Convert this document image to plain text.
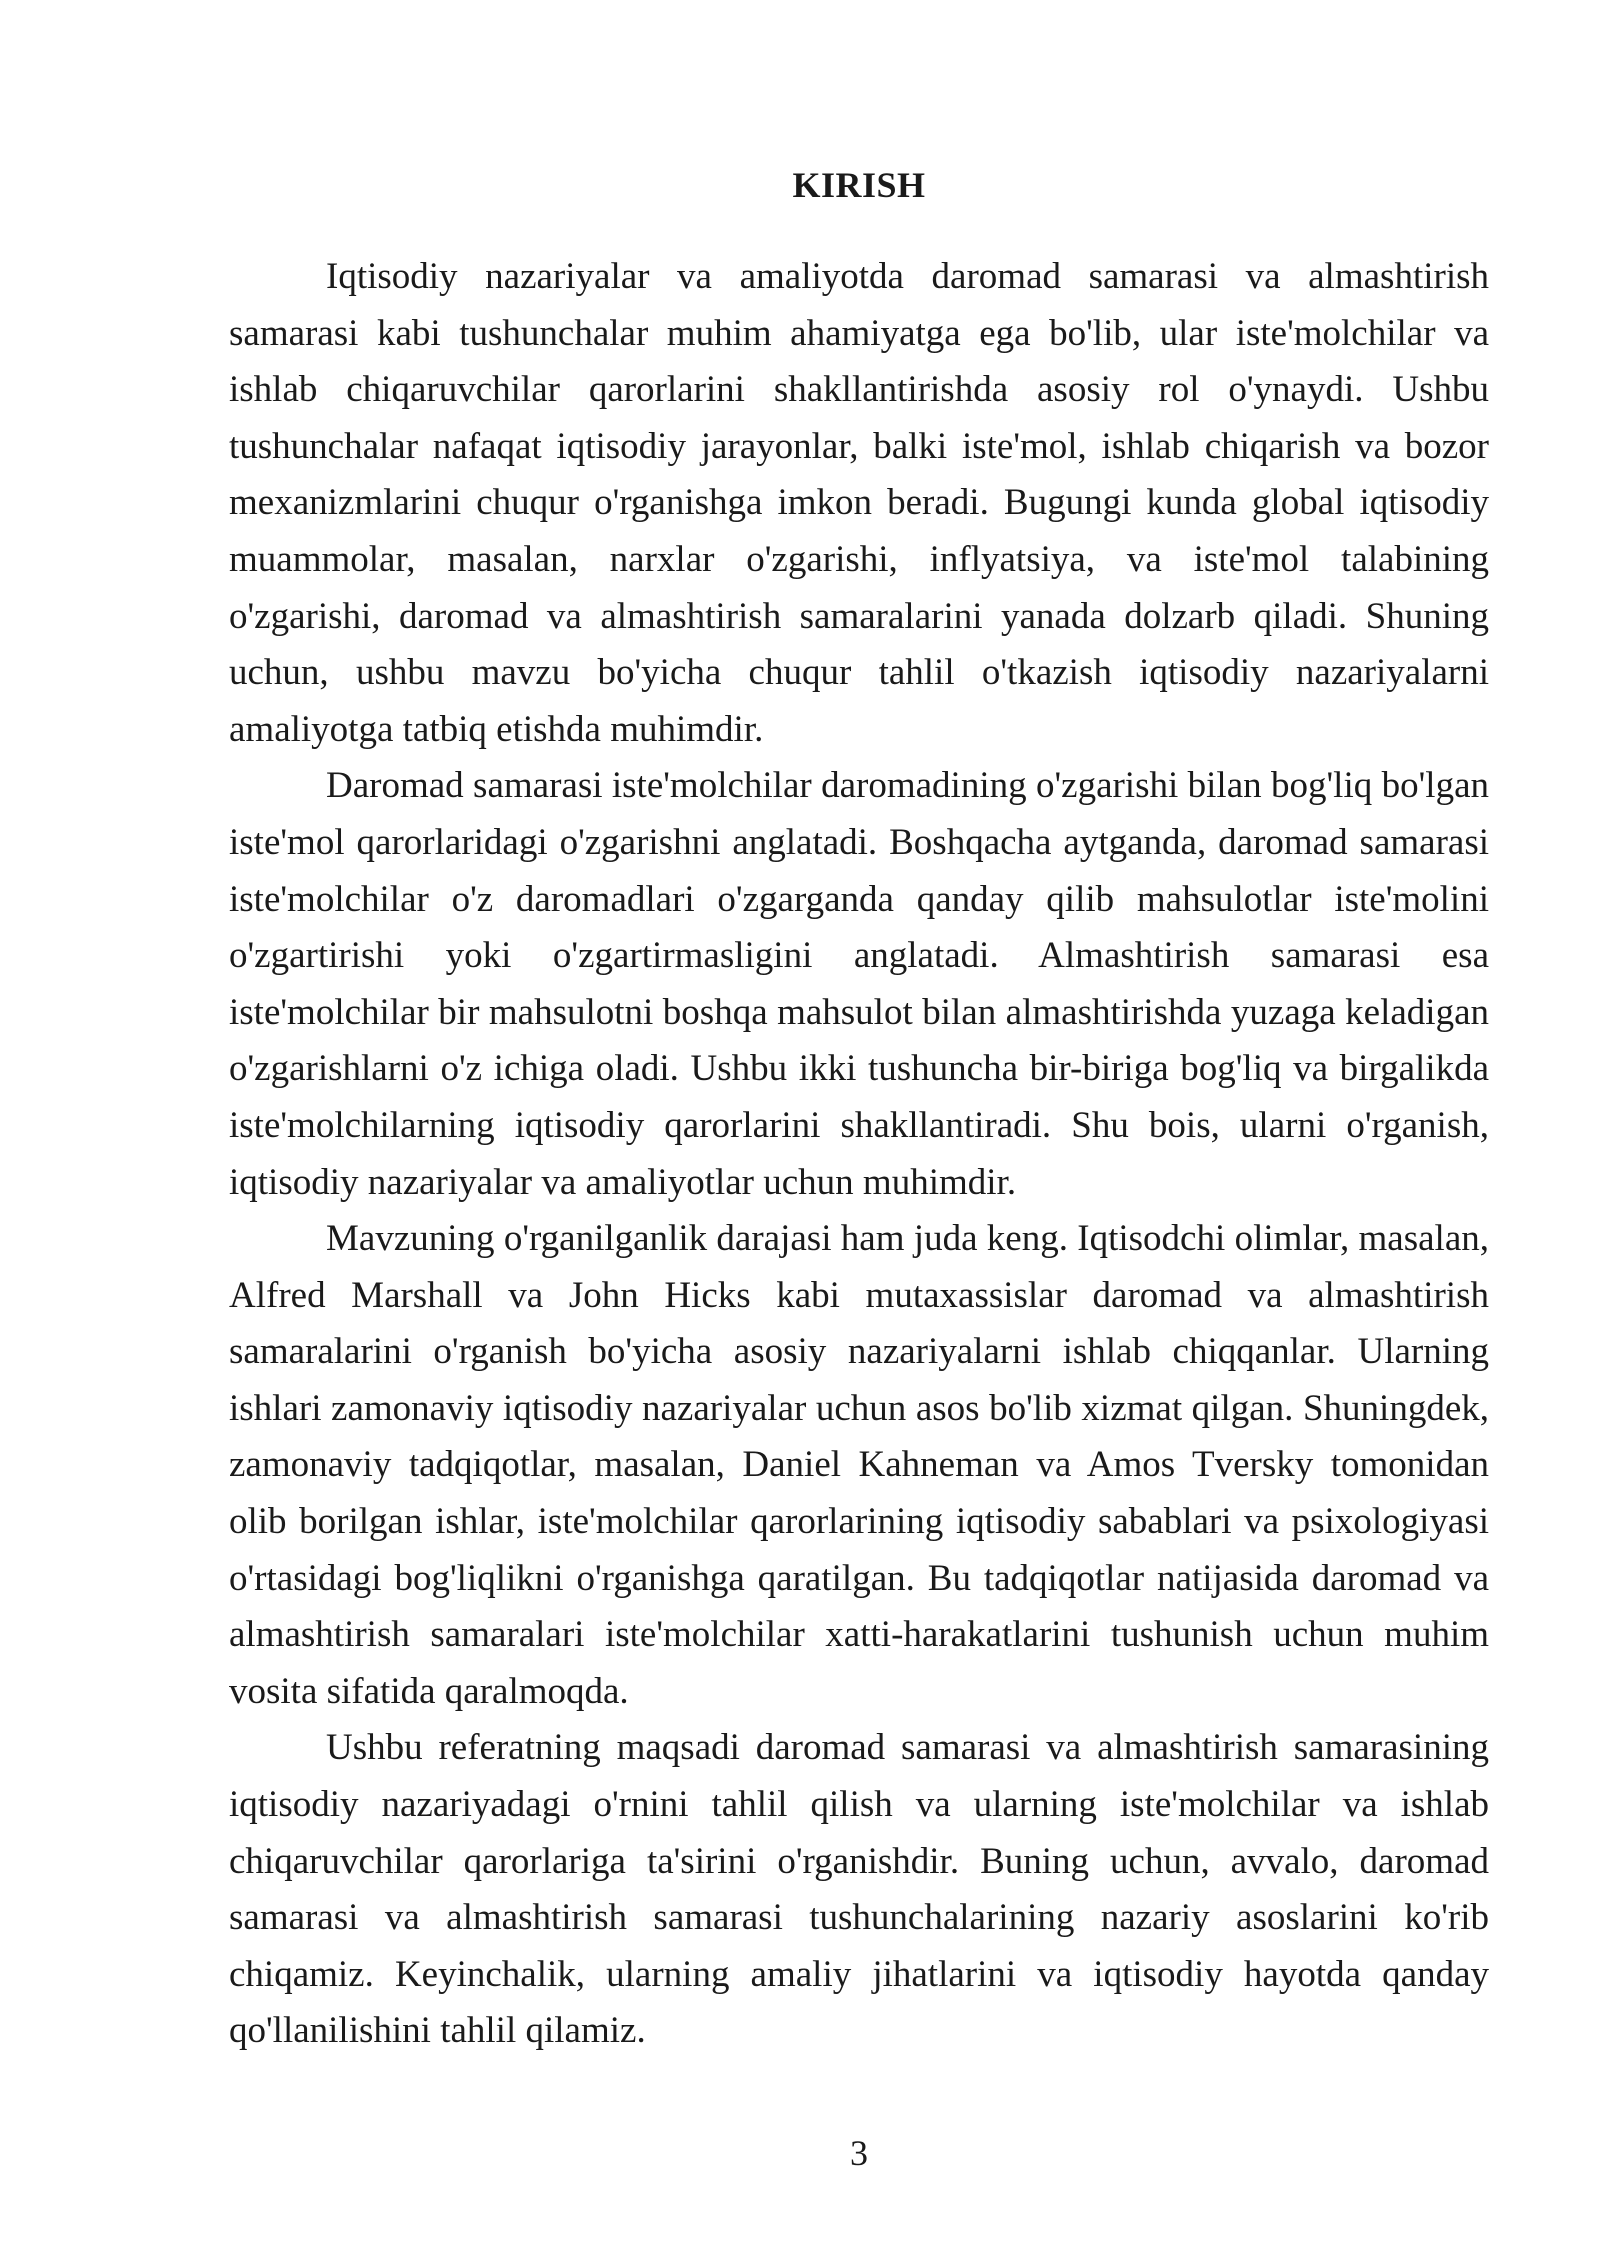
KIRISH

Iqtisodiy nazariyalar va amaliyotda daromad samarasi va almashtirish samarasi kabi tushunchalar muhim ahamiyatga ega bo'lib, ular iste'molchilar va ishlab chiqaruvchilar qarorlarini shakllantirishda asosiy rol o'ynaydi. Ushbu tushunchalar nafaqat iqtisodiy jarayonlar, balki iste'mol, ishlab chiqarish va bozor mexanizmlarini chuqur o'rganishga imkon beradi. Bugungi kunda global iqtisodiy muammolar, masalan, narxlar o'zgarishi, inflyatsiya, va iste'mol talabining o'zgarishi, daromad va almashtirish samaralarini yanada dolzarb qiladi. Shuning uchun, ushbu mavzu bo'yicha chuqur tahlil o'tkazish iqtisodiy nazariyalarni amaliyotga tatbiq etishda muhimdir.

Daromad samarasi iste'molchilar daromadining o'zgarishi bilan bog'liq bo'lgan iste'mol qarorlaridagi o'zgarishni anglatadi. Boshqacha aytganda, daromad samarasi iste'molchilar o'z daromadlari o'zgarganda qanday qilib mahsulotlar iste'molini o'zgartirishi yoki o'zgartirmasligini anglatadi. Almashtirish samarasi esa iste'molchilar bir mahsulotni boshqa mahsulot bilan almashtirishda yuzaga keladigan o'zgarishlarni o'z ichiga oladi. Ushbu ikki tushuncha bir-biriga bog'liq va birgalikda iste'molchilarning iqtisodiy qarorlarini shakllantiradi. Shu bois, ularni o'rganish, iqtisodiy nazariyalar va amaliyotlar uchun muhimdir.

Mavzuning o'rganilganlik darajasi ham juda keng. Iqtisodchi olimlar, masalan, Alfred Marshall va John Hicks kabi mutaxassislar daromad va almashtirish samaralarini o'rganish bo'yicha asosiy nazariyalarni ishlab chiqqanlar. Ularning ishlari zamonaviy iqtisodiy nazariyalar uchun asos bo'lib xizmat qilgan. Shuningdek, zamonaviy tadqiqotlar, masalan, Daniel Kahneman va Amos Tversky tomonidan olib borilgan ishlar, iste'molchilar qarorlarining iqtisodiy sabablari va psixologiyasi o'rtasidagi bog'liqlikni o'rganishga qaratilgan. Bu tadqiqotlar natijasida daromad va almashtirish samaralari iste'molchilar xatti-harakatlarini tushunish uchun muhim vosita sifatida qaralmoqda.

Ushbu referatning maqsadi daromad samarasi va almashtirish samarasining iqtisodiy nazariyadagi o'rnini tahlil qilish va ularning iste'molchilar va ishlab chiqaruvchilar qarorlariga ta'sirini o'rganishdir. Buning uchun, avvalo, daromad samarasi va almashtirish samarasi tushunchalarining nazariy asoslarini ko'rib chiqamiz. Keyinchalik, ularning amaliy jihatlarini va iqtisodiy hayotda qanday qo'llanilishini tahlil qilamiz.

3
